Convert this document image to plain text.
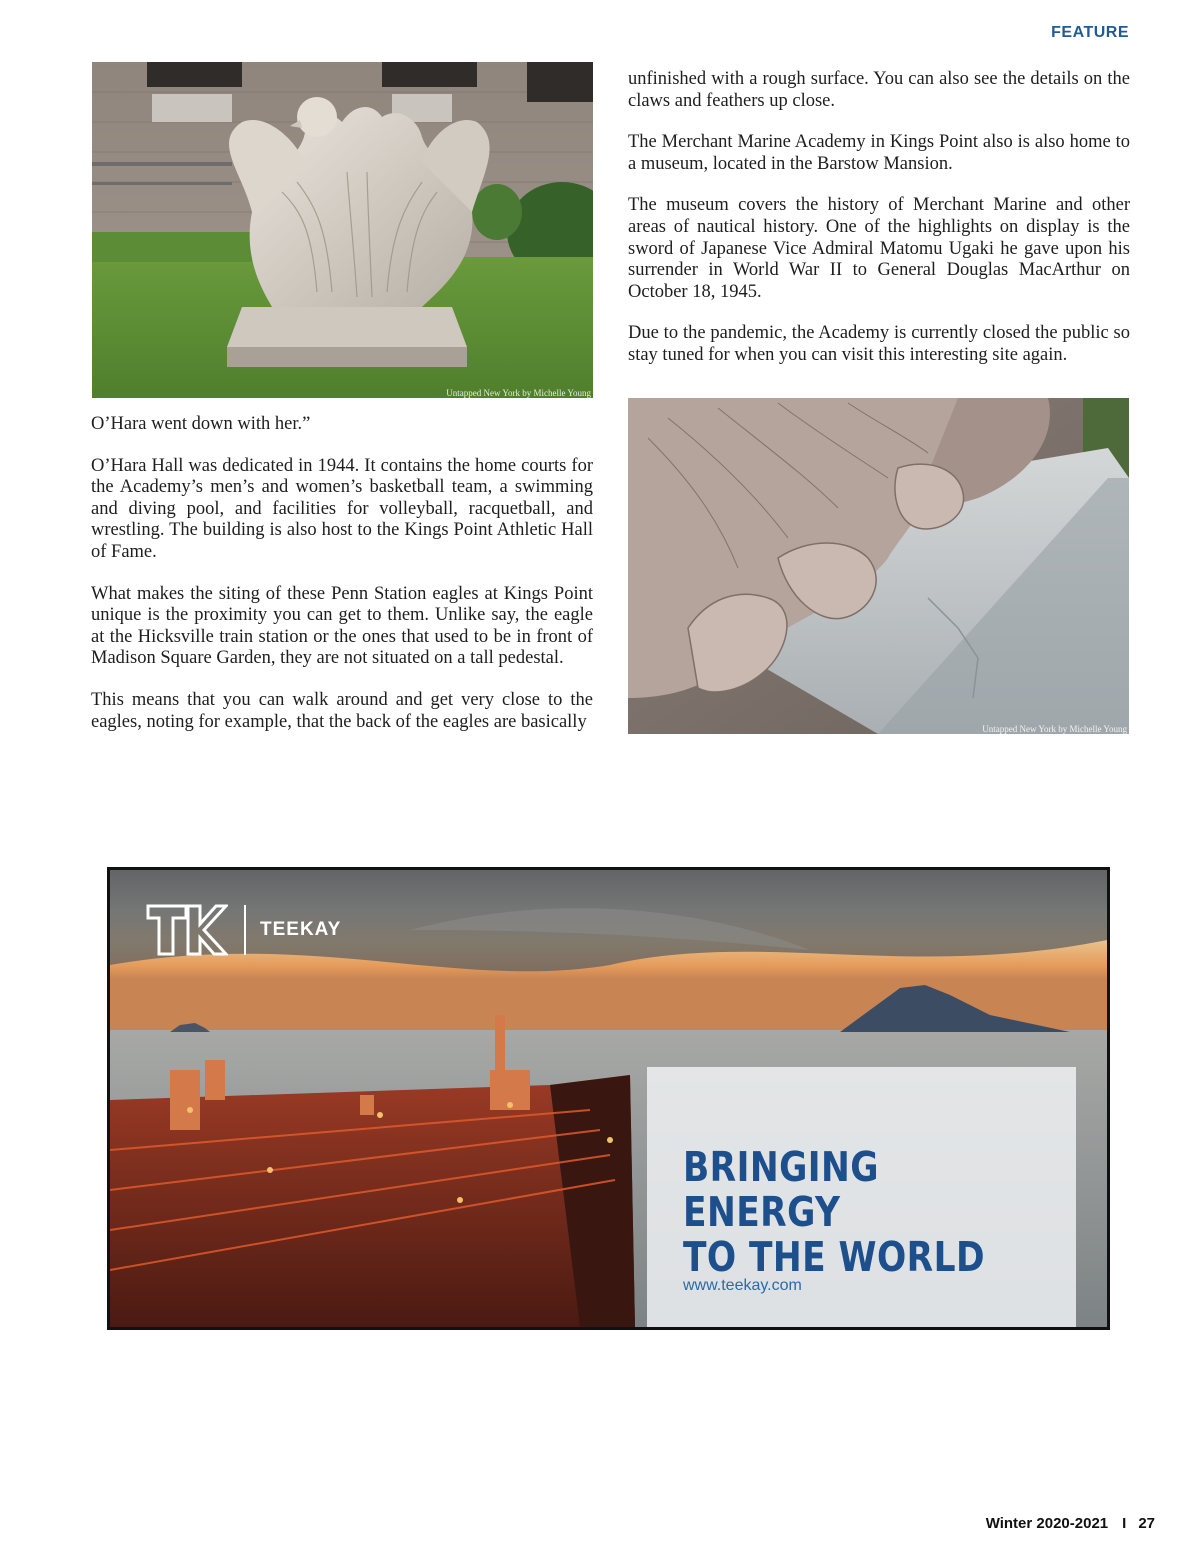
FEATURE
Untapped New York by Michelle Young
Untapped New York by Michelle Young

O’Hara went down with her.”

O’Hara Hall was dedicated in 1944. It contains the home courts for the Academy’s men’s and women’s basketball team, a swimming and diving pool, and facilities for volleyball, racquetball, and wrestling. The building is also host to the Kings Point Athletic Hall of Fame.

What makes the siting of these Penn Station eagles at Kings Point unique is the proximity you can get to them. Unlike say, the eagle at the Hicksville train station or the ones that used to be in front of Madison Square Garden, they are not situated on a tall pedestal.

This means that you can walk around and get very close to the eagles, noting for example, that the back of the eagles are basically

unfinished with a rough surface. You can also see the details on the claws and feathers up close.

The Merchant Marine Academy in Kings Point also is also home to a museum, located in the Barstow Mansion.

The museum covers the history of Merchant Marine and other areas of nautical history. One of the highlights on display is the sword of Japanese Vice Admiral Matomu Ugaki he gave upon his surrender in World War II to General Douglas MacArthur on October 18, 1945.

Due to the pandemic, the Academy is currently closed the public so stay tuned for when you can visit this interesting site again.

TEEKAY
BRINGING ENERGY
TO THE WORLD
www.teekay.com
Winter 2020-2021 I 27
